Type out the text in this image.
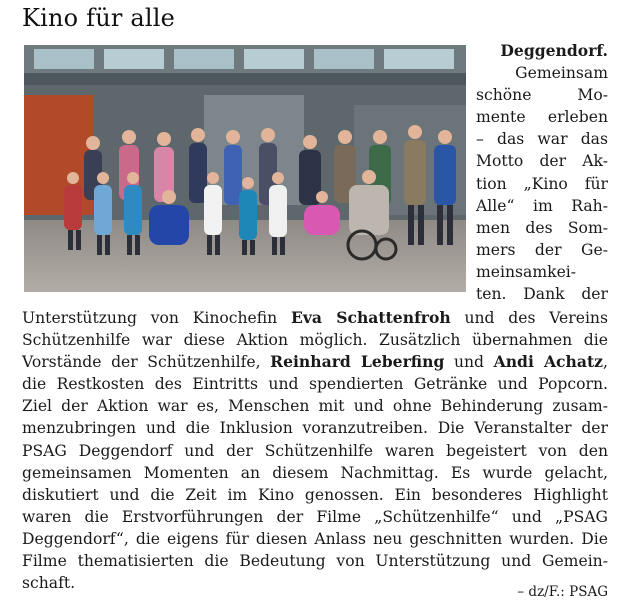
Kino für alle
Deggendorf.
Gemeinsam
schöne Mo-
mente erleben
– das war das
Motto der Ak-
tion „Kino für
Alle“ im Rah-
men des Som-
mers der Ge-
meinsamkei-
ten. Dank der
Unterstützung von Kinochefin Eva Schattenfroh und des Vereins
Schützenhilfe war diese Aktion möglich. Zusätzlich übernahmen die
Vorstände der Schützenhilfe, Reinhard Leberfing und Andi Achatz,
die Restkosten des Eintritts und spendierten Getränke und Popcorn.
Ziel der Aktion war es, Menschen mit und ohne Behinderung zusam-
menzubringen und die Inklusion voranzutreiben. Die Veranstalter der
PSAG Deggendorf und der Schützenhilfe waren begeistert von den
gemeinsamen Momenten an diesem Nachmittag. Es wurde gelacht,
diskutiert und die Zeit im Kino genossen. Ein besonderes Highlight
waren die Erstvorführungen der Filme „Schützenhilfe“ und „PSAG
Deggendorf“, die eigens für diesen Anlass neu geschnitten wurden. Die
Filme thematisierten die Bedeutung von Unterstützung und Gemein-
schaft.	– dz/F.: PSAG
